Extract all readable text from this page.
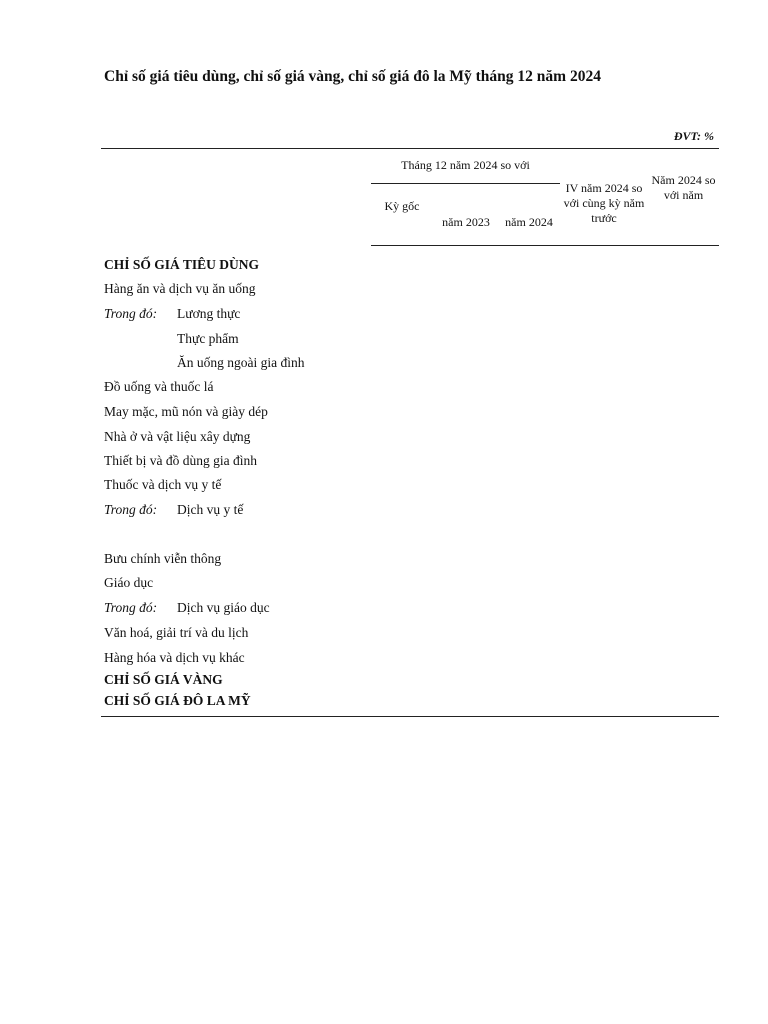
Chỉ số giá tiêu dùng, chỉ số giá vàng, chỉ số giá đô la Mỹ tháng 12 năm 2024
ĐVT: %
Tháng 12 năm 2024 so với
Kỳ gốc
năm 2023	năm 2024
IV năm 2024 so với cùng kỳ năm trước
Năm 2024 so với năm
CHỈ SỐ GIÁ TIÊU DÙNG
Hàng ăn và dịch vụ ăn uống
Trong đó: Lương thực
Thực phẩm
Ăn uống ngoài gia đình
Đồ uống và thuốc lá
May mặc, mũ nón và giày dép
Nhà ở và vật liệu xây dựng
Thiết bị và đồ dùng gia đình
Thuốc và dịch vụ y tế
Trong đó: Dịch vụ y tế
Bưu chính viễn thông
Giáo dục
Trong đó: Dịch vụ giáo dục
Văn hoá, giải trí và du lịch
Hàng hóa và dịch vụ khác
CHỈ SỐ GIÁ VÀNG
CHỈ SỐ GIÁ ĐÔ LA MỸ
